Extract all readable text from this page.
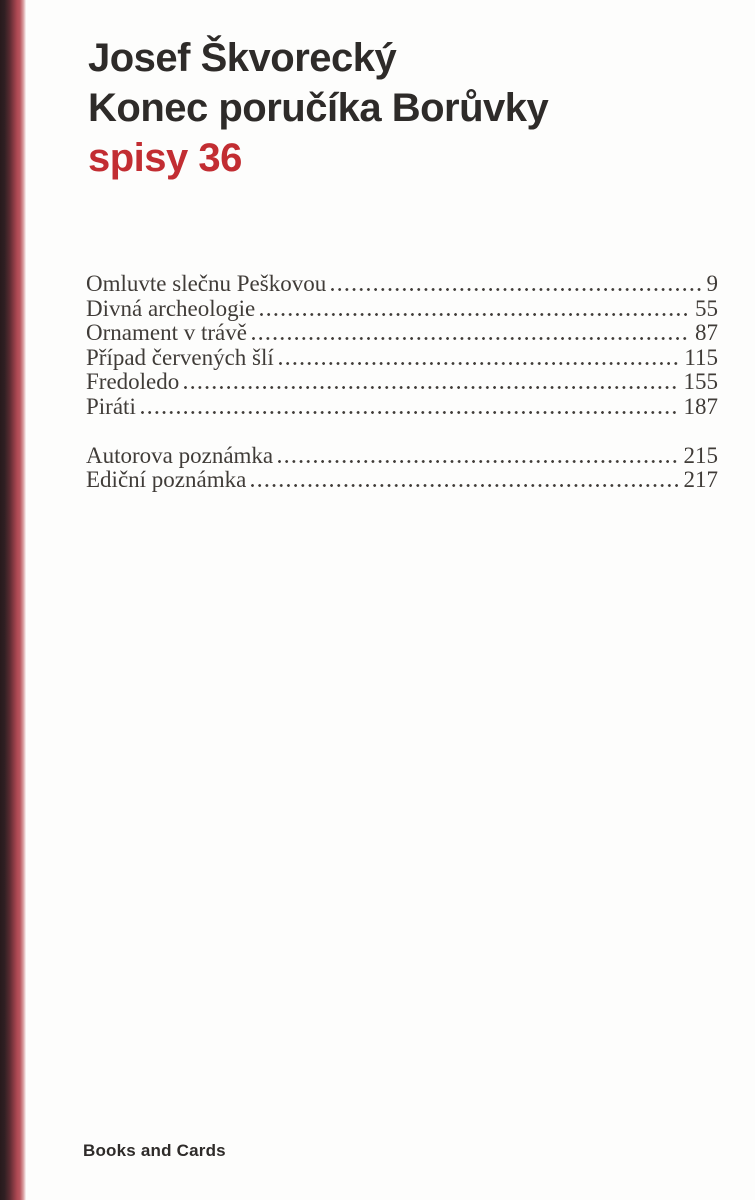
Josef Škvorecký
Konec poručíka Borůvky
spisy 36
Omluvte slečnu Peškovou	9
Divná archeologie	55
Ornament v trávě	87
Případ červených šlí	115
Fredoledo	155
Piráti	187
Autorova poznámka	215
Ediční poznámka	217
Books and Cards
